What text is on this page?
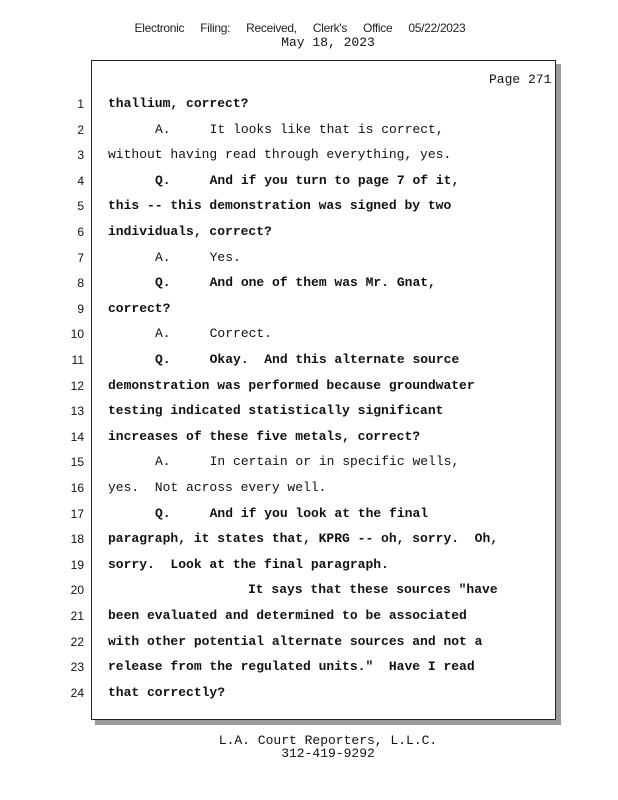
Electronic Filing: Received, Clerk's Office 05/22/2023
May 18, 2023
Page 271
1 thallium, correct?
2	A.     It looks like that is correct,
3 without having read through everything, yes.
4	Q.     And if you turn to page 7 of it,
5 this -- this demonstration was signed by two
6 individuals, correct?
7	A.     Yes.
8	Q.     And one of them was Mr. Gnat,
9 correct?
10	A.     Correct.
11	Q.     Okay.  And this alternate source
12 demonstration was performed because groundwater
13 testing indicated statistically significant
14 increases of these five metals, correct?
15	A.     In certain or in specific wells,
16 yes.  Not across every well.
17	Q.     And if you look at the final
18 paragraph, it states that, KPRG -- oh, sorry.  Oh,
19 sorry.  Look at the final paragraph.
20	It says that these sources "have
21 been evaluated and determined to be associated
22 with other potential alternate sources and not a
23 release from the regulated units."  Have I read
24 that correctly?
L.A. Court Reporters, L.L.C.
312-419-9292
